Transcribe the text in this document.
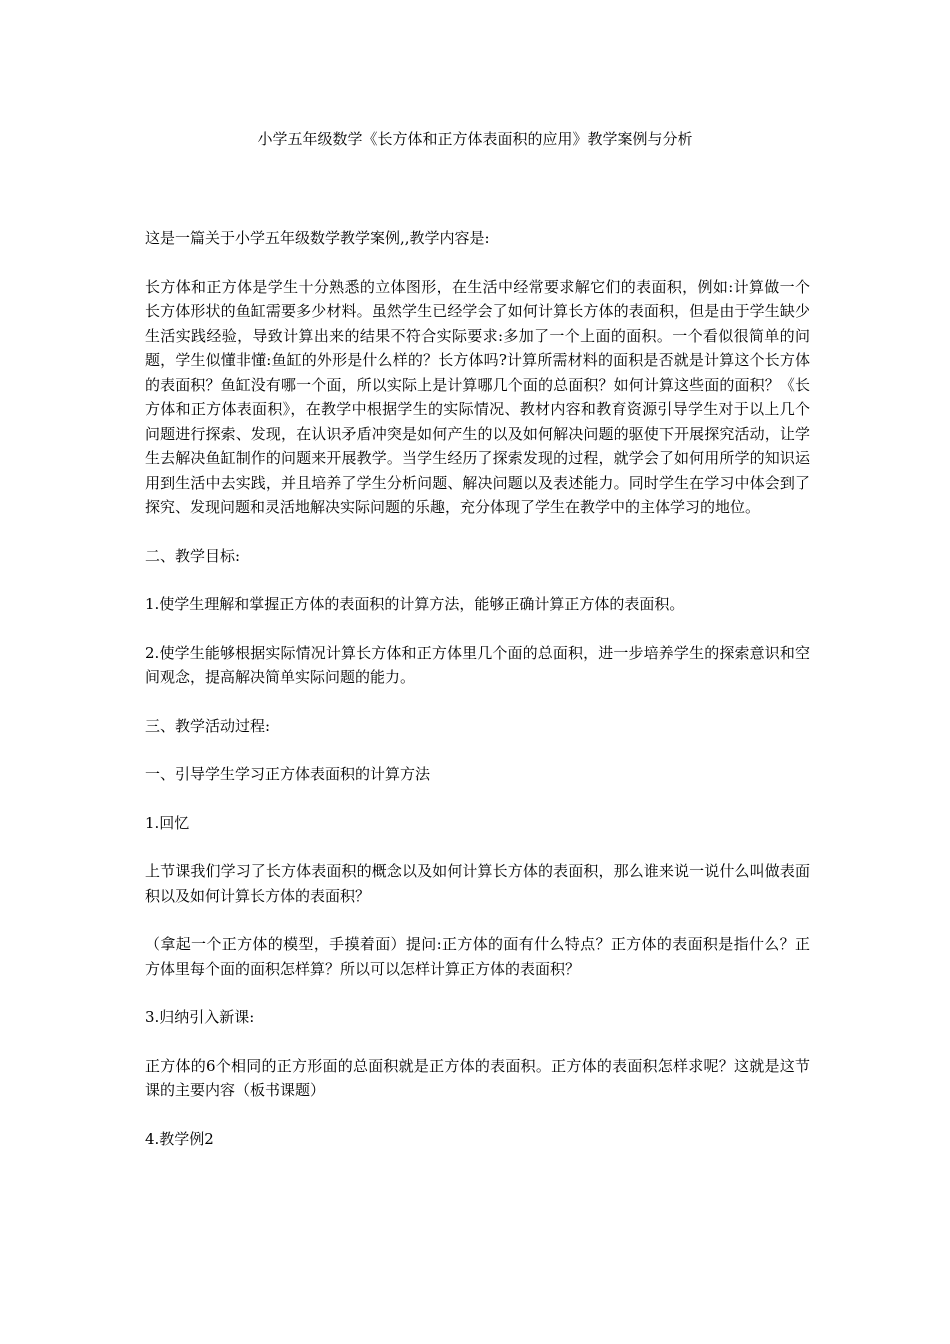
小学五年级数学《长方体和正方体表面积的应用》教学案例与分析

这是一篇关于小学五年级数学教学案例,,教学内容是:

长方体和正方体是学生十分熟悉的立体图形，在生活中经常要求解它们的表面积，例如:计算做一个长方体形状的鱼缸需要多少材料。虽然学生已经学会了如何计算长方体的表面积，但是由于学生缺少生活实践经验，导致计算出来的结果不符合实际要求:多加了一个上面的面积。一个看似很简单的问题，学生似懂非懂:鱼缸的外形是什么样的？长方体吗?计算所需材料的面积是否就是计算这个长方体的表面积？鱼缸没有哪一个面，所以实际上是计算哪几个面的总面积？如何计算这些面的面积？《长方体和正方体表面积》，在教学中根据学生的实际情况、教材内容和教育资源引导学生对于以上几个问题进行探索、发现，在认识矛盾冲突是如何产生的以及如何解决问题的驱使下开展探究活动，让学生去解决鱼缸制作的问题来开展教学。当学生经历了探索发现的过程，就学会了如何用所学的知识运用到生活中去实践，并且培养了学生分析问题、解决问题以及表述能力。同时学生在学习中体会到了探究、发现问题和灵活地解决实际问题的乐趣，充分体现了学生在教学中的主体学习的地位。

二、教学目标:

1.使学生理解和掌握正方体的表面积的计算方法，能够正确计算正方体的表面积。

2.使学生能够根据实际情况计算长方体和正方体里几个面的总面积，进一步培养学生的探索意识和空间观念，提高解决简单实际问题的能力。

三、教学活动过程:

一、引导学生学习正方体表面积的计算方法

1.回忆

上节课我们学习了长方体表面积的概念以及如何计算长方体的表面积，那么谁来说一说什么叫做表面积以及如何计算长方体的表面积？

（拿起一个正方体的模型，手摸着面）提问:正方体的面有什么特点？正方体的表面积是指什么？正方体里每个面的面积怎样算？所以可以怎样计算正方体的表面积？

3.归纳引入新课:

正方体的6个相同的正方形面的总面积就是正方体的表面积。正方体的表面积怎样求呢？这就是这节课的主要内容（板书课题）

4.教学例2
